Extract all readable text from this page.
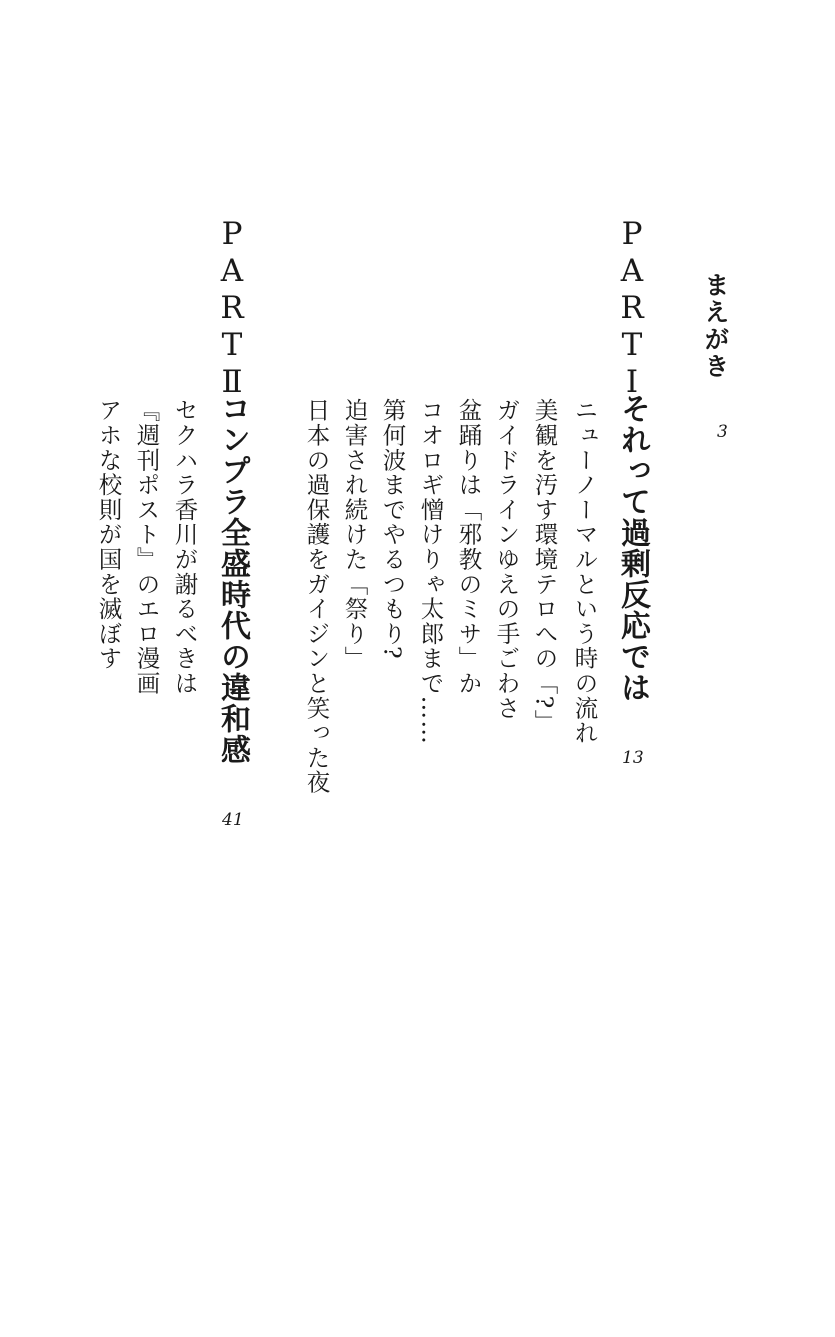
まえがき
3
PARTⅠ
それって過剰反応では
13
ニューノーマルという時の流れ
美観を汚す環境テロへの「?」
ガイドラインゆえの手ごわさ
盆踊りは「邪教のミサ」か
コオロギ憎けりゃ太郎まで……
第何波までやるつもり?
迫害され続けた「祭り」
日本の過保護をガイジンと笑った夜
PARTⅡ
コンプラ全盛時代の違和感
41
セクハラ香川が謝るべきは
『週刊ポスト』のエロ漫画
アホな校則が国を滅ぼす
